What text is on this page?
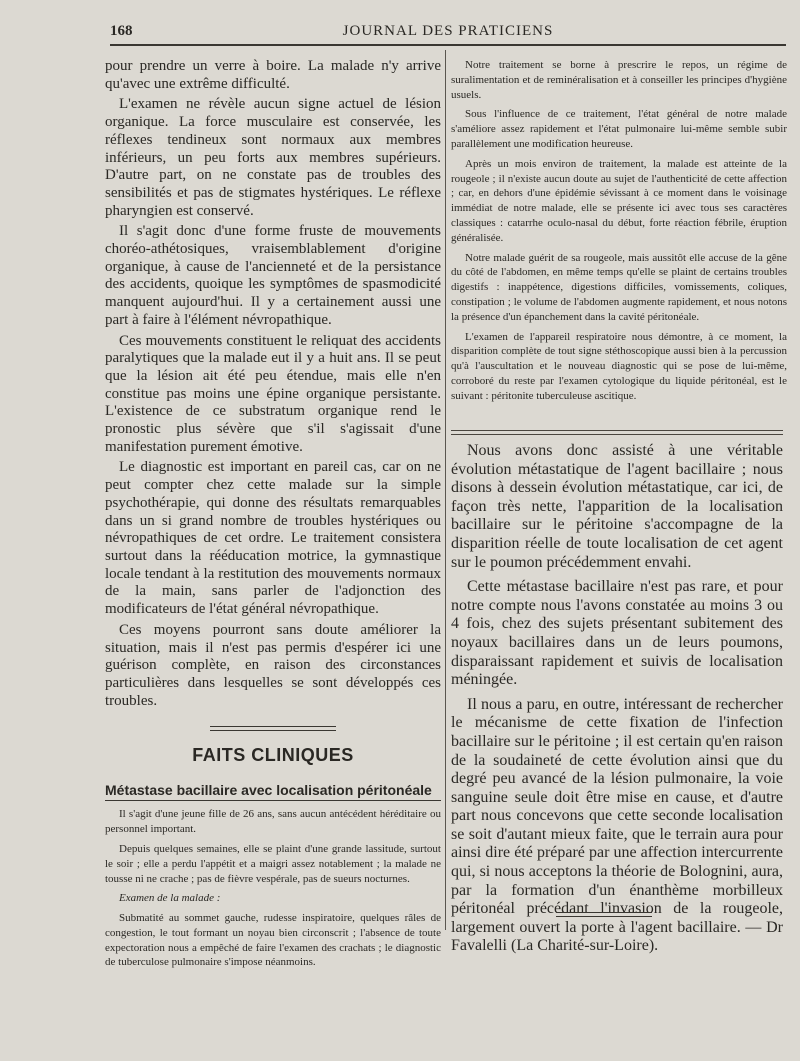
168	JOURNAL DES PRATICIENS

pour prendre un verre à boire. La malade n'y arrive qu'avec une extrême difficulté.

L'examen ne révèle aucun signe actuel de lésion organique. La force musculaire est conservée, les réflexes tendineux sont normaux aux membres inférieurs, un peu forts aux membres supérieurs. D'autre part, on ne constate pas de troubles des sensibilités et pas de stigmates hystériques. Le réflexe pharyngien est conservé.

Il s'agit donc d'une forme fruste de mouvements choréo-athétosiques, vraisemblablement d'origine organique, à cause de l'ancienneté et de la persistance des accidents, quoique les symptômes de spasmodicité manquent aujourd'hui. Il y a certainement aussi une part à faire à l'élément névropathique.

Ces mouvements constituent le reliquat des accidents paralytiques que la malade eut il y a huit ans. Il se peut que la lésion ait été peu étendue, mais elle n'en constitue pas moins une épine organique persistante. L'existence de ce substratum organique rend le pronostic plus sévère que s'il s'agissait d'une manifestation purement émotive.

Le diagnostic est important en pareil cas, car on ne peut compter chez cette malade sur la simple psychothérapie, qui donne des résultats remarquables dans un si grand nombre de troubles hystériques ou névropathiques de cet ordre. Le traitement consistera surtout dans la rééducation motrice, la gymnastique locale tendant à la restitution des mouvements normaux de la main, sans parler de l'adjonction des modificateurs de l'état général névropathique.

Ces moyens pourront sans doute améliorer la situation, mais il n'est pas permis d'espérer ici une guérison complète, en raison des circonstances particulières dans lesquelles se sont développés ces troubles.

FAITS CLINIQUES
Métastase bacillaire avec localisation péritonéale

Il s'agit d'une jeune fille de 26 ans, sans aucun antécédent héréditaire ou personnel important.

Depuis quelques semaines, elle se plaint d'une grande lassitude, surtout le soir ; elle a perdu l'appétit et a maigri assez notablement ; la malade ne tousse ni ne crache ; pas de fièvre vespérale, pas de sueurs nocturnes.

Examen de la malade :

Submatité au sommet gauche, rudesse inspiratoire, quelques râles de congestion, le tout formant un noyau bien circonscrit ; l'absence de toute expectoration nous a empêché de faire l'examen des crachats ; le diagnostic de tuberculose pulmonaire s'impose néanmoins.

Notre traitement se borne à prescrire le repos, un régime de suralimentation et de reminéralisation et à conseiller les principes d'hygiène usuels.

Sous l'influence de ce traitement, l'état général de notre malade s'améliore assez rapidement et l'état pulmonaire lui-même semble subir parallèlement une modification heureuse.

Après un mois environ de traitement, la malade est atteinte de la rougeole ; il n'existe aucun doute au sujet de l'authenticité de cette affection ; car, en dehors d'une épidémie sévissant à ce moment dans le voisinage immédiat de notre malade, elle se présente ici avec tous ses caractères classiques : catarrhe oculo-nasal du début, forte réaction fébrile, éruption généralisée.

Notre malade guérit de sa rougeole, mais aussitôt elle accuse de la gêne du côté de l'abdomen, en même temps qu'elle se plaint de certains troubles digestifs : inappétence, digestions difficiles, vomissements, coliques, constipation ; le volume de l'abdomen augmente rapidement, et nous notons la présence d'un épanchement dans la cavité péritonéale.

L'examen de l'appareil respiratoire nous démontre, à ce moment, la disparition complète de tout signe stéthoscopique aussi bien à la percussion qu'à l'auscultation et le nouveau diagnostic qui se pose de lui-même, corroboré du reste par l'examen cytologique du liquide péritonéal, est le suivant : péritonite tuberculeuse ascitique.

Nous avons donc assisté à une véritable évolution métastatique de l'agent bacillaire ; nous disons à dessein évolution métastatique, car ici, de façon très nette, l'apparition de la localisation bacillaire sur le péritoine s'accompagne de la disparition réelle de toute localisation de cet agent sur le poumon précédemment envahi.

Cette métastase bacillaire n'est pas rare, et pour notre compte nous l'avons constatée au moins 3 ou 4 fois, chez des sujets présentant subitement des noyaux bacillaires dans un de leurs poumons, disparaissant rapidement et suivis de localisation méningée.

Il nous a paru, en outre, intéressant de rechercher le mécanisme de cette fixation de l'infection bacillaire sur le péritoine ; il est certain qu'en raison de la soudaineté de cette évolution ainsi que du degré peu avancé de la lésion pulmonaire, la voie sanguine seule doit être mise en cause, et d'autre part nous concevons que cette seconde localisation se soit d'autant mieux faite, que le terrain aura pour ainsi dire été préparé par une affection intercurrente qui, si nous acceptons la théorie de Bolognini, aura, par la formation d'un énanthème morbilleux péritonéal précédant l'invasion de la rougeole, largement ouvert la porte à l'agent bacillaire. — Dr Favalelli (La Charité-sur-Loire).
